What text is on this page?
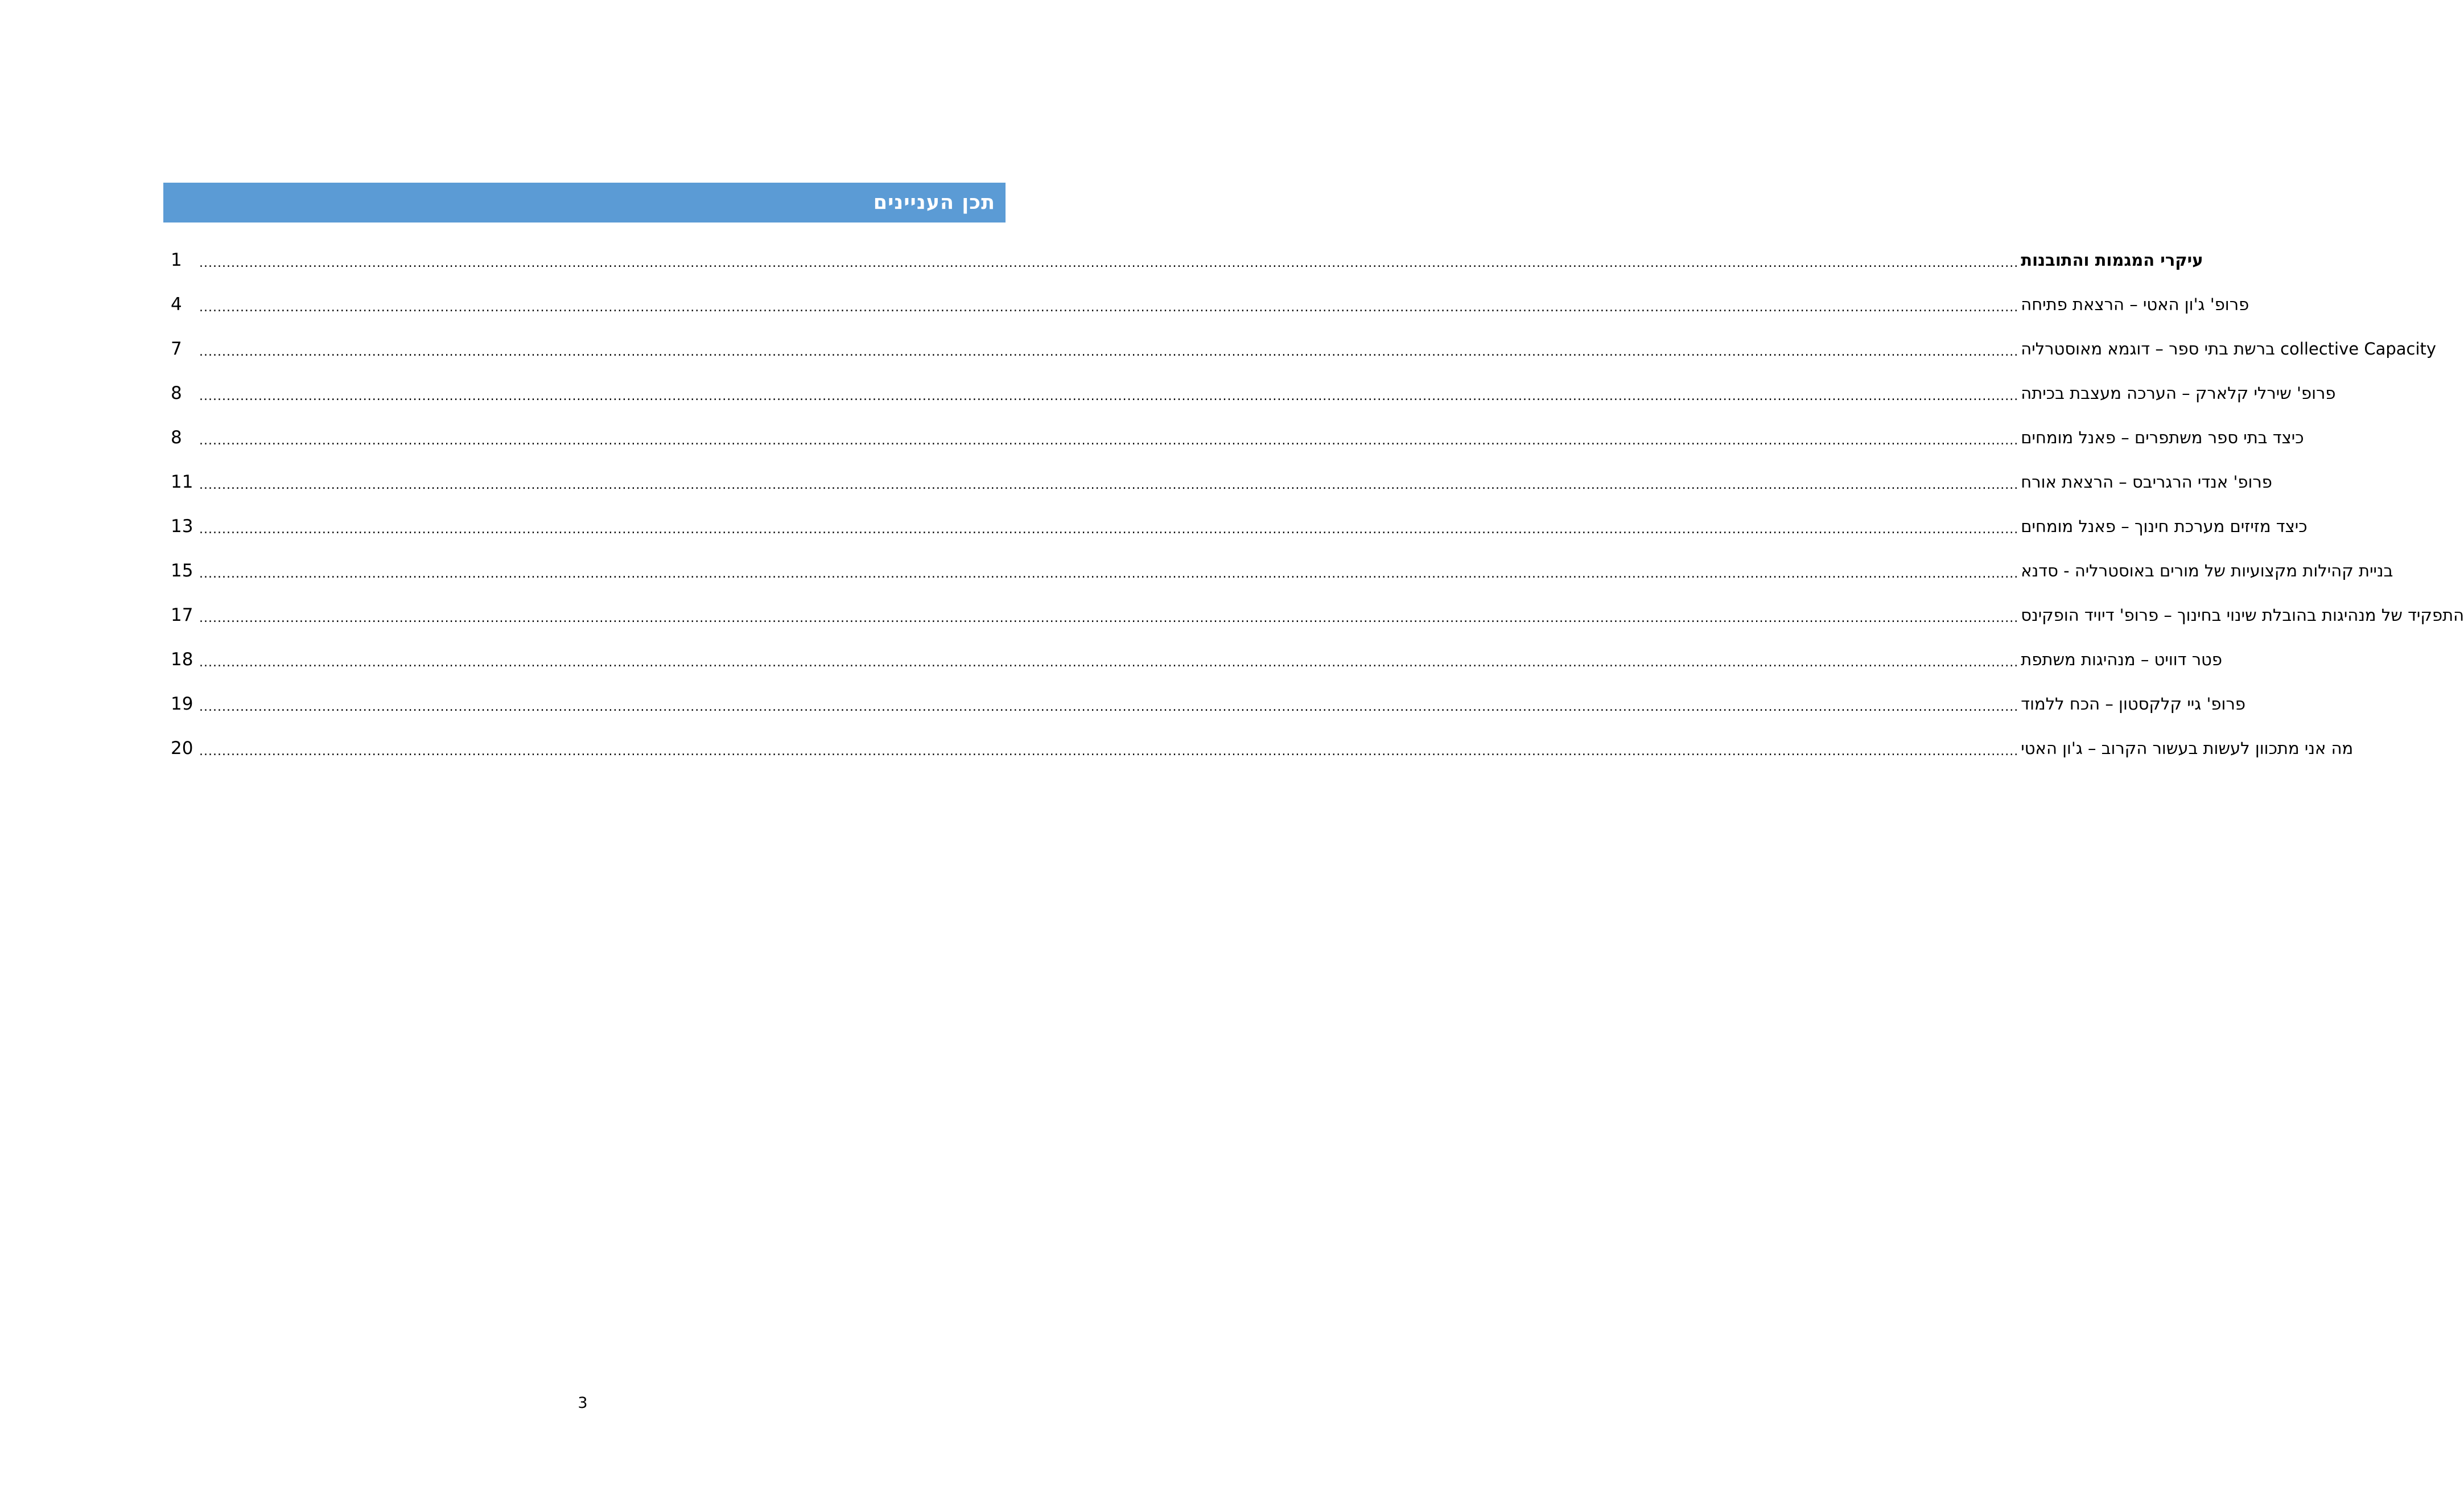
תכן העניינים
1	................................................................................................................................................................................................................................................................................................................................................................................................................ עיקרי המגמות והתובנות
4	................................................................................................................................................................................................................................................................................................................................................................................................................ פרופ' ג'ון האטי – הרצאת פתיחה
7	................................................................................................................................................................................................................................................................................................................................................................................................................ collective Capacity ברשת בתי ספר – דוגמא מאוסטרליה
8	................................................................................................................................................................................................................................................................................................................................................................................................................ פרופ' שירלי קלארק – הערכה מעצבת בכיתה
8	................................................................................................................................................................................................................................................................................................................................................................................................................ כיצד בתי ספר משתפרים – פאנל מומחים
11 ................................................................................................................................................................................................................................................................................................................................................................................................................ פרופ' אנדי הרגריבס – הרצאת אורח
13 ................................................................................................................................................................................................................................................................................................................................................................................................................ כיצד מזיזים מערכת חינוך – פאנל מומחים
15 ................................................................................................................................................................................................................................................................................................................................................................................................................ בניית קהילות מקצועיות של מורים באוסטרליה - סדנא
17 ................................................................................................................................................................................................................................................................................................................................................................................................................ התפקיד של מנהיגות בהובלת שינוי בחינוך – פרופ' דיויד הופקינס
18 ................................................................................................................................................................................................................................................................................................................................................................................................................ פטר דוויט – מנהיגות משתפת
19 ................................................................................................................................................................................................................................................................................................................................................................................................................ פרופ' גיי קלקסטון – הכח ללמוד
20 ................................................................................................................................................................................................................................................................................................................................................................................................................ מה אני מתכוון לעשות בעשור הקרוב – ג'ון האטי
3
